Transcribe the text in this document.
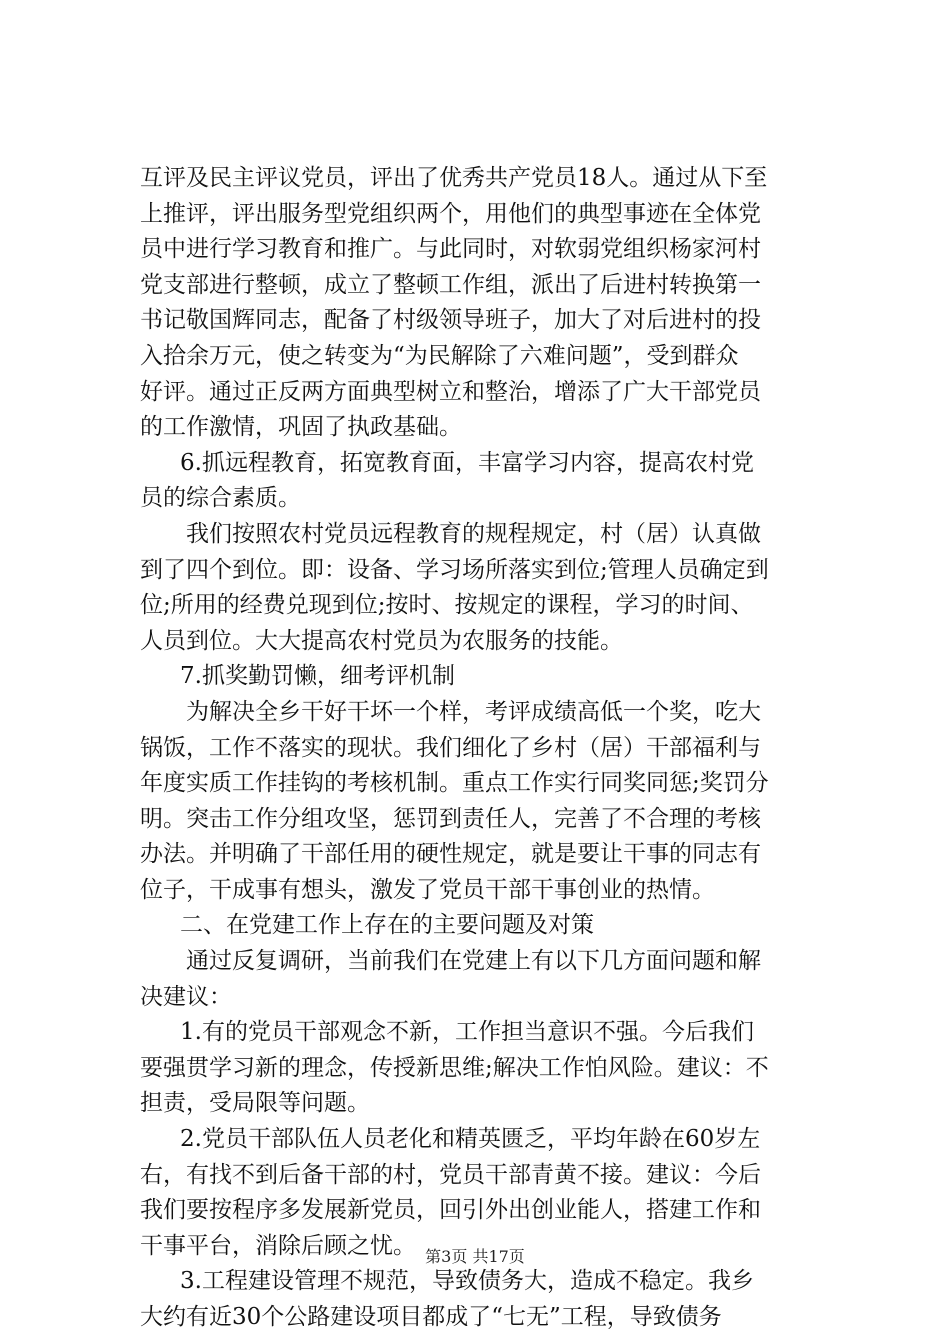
互评及民主评议党员，评出了优秀共产党员18人。通过从下至
上推评，评出服务型党组织两个，用他们的典型事迹在全体党
员中进行学习教育和推广。与此同时，对软弱党组织杨家河村
党支部进行整顿，成立了整顿工作组，派出了后进村转换第一
书记敬国辉同志，配备了村级领导班子，加大了对后进村的投
入拾余万元，使之转变为“为民解除了六难问题”，受到群众
好评。通过正反两方面典型树立和整治，增添了广大干部党员
的工作激情，巩固了执政基础。
6.抓远程教育，拓宽教育面，丰富学习内容，提高农村党
员的综合素质。
我们按照农村党员远程教育的规程规定，村（居）认真做
到了四个到位。即：设备、学习场所落实到位;管理人员确定到
位;所用的经费兑现到位;按时、按规定的课程，学习的时间、
人员到位。大大提高农村党员为农服务的技能。
7.抓奖勤罚懒，细考评机制
为解决全乡干好干坏一个样，考评成绩高低一个奖，吃大
锅饭，工作不落实的现状。我们细化了乡村（居）干部福利与
年度实质工作挂钩的考核机制。重点工作实行同奖同惩;奖罚分
明。突击工作分组攻坚，惩罚到责任人，完善了不合理的考核
办法。并明确了干部任用的硬性规定，就是要让干事的同志有
位子，干成事有想头，激发了党员干部干事创业的热情。
二、在党建工作上存在的主要问题及对策
通过反复调研，当前我们在党建上有以下几方面问题和解
决建议：
1.有的党员干部观念不新，工作担当意识不强。今后我们
要强贯学习新的理念，传授新思维;解决工作怕风险。建议：不
担责，受局限等问题。
2.党员干部队伍人员老化和精英匮乏，平均年龄在60岁左
右，有找不到后备干部的村，党员干部青黄不接。建议：今后
我们要按程序多发展新党员，回引外出创业能人，搭建工作和
干事平台，消除后顾之忧。
3.工程建设管理不规范，导致债务大，造成不稳定。我乡
大约有近30个公路建设项目都成了“七无”工程，导致债务
第3页 共17页
